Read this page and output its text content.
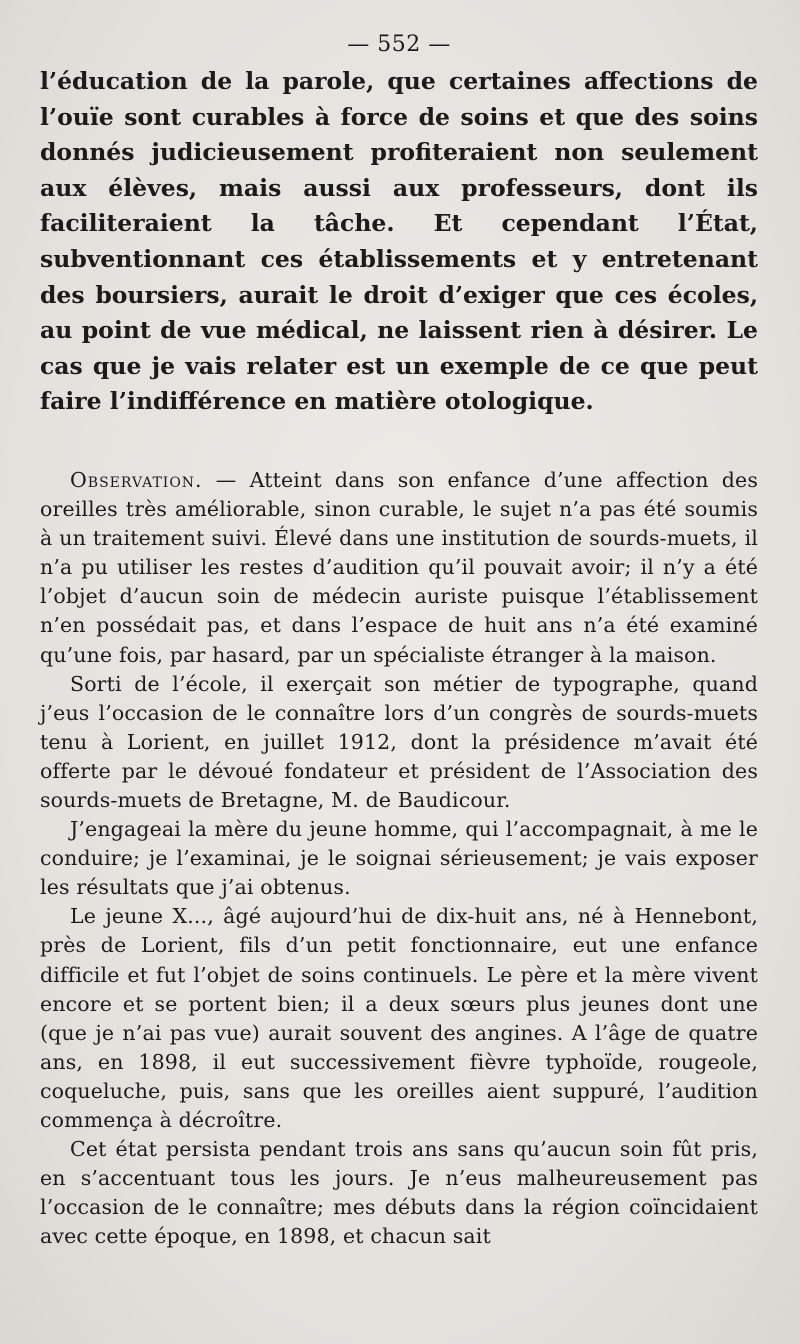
— 552 —

l’éducation de la parole, que certaines affections de l’ouïe sont curables à force de soins et que des soins donnés judicieusement profiteraient non seulement aux élèves, mais aussi aux professeurs, dont ils faciliteraient la tâche. Et cependant l’État, subventionnant ces établissements et y entretenant des boursiers, aurait le droit d’exiger que ces écoles, au point de vue médical, ne laissent rien à désirer. Le cas que je vais relater est un exemple de ce que peut faire l’indifférence en matière otologique.

Observation. — Atteint dans son enfance d’une affection des oreilles très améliorable, sinon curable, le sujet n’a pas été soumis à un traitement suivi. Élevé dans une institution de sourds-muets, il n’a pu utiliser les restes d’audition qu’il pouvait avoir; il n’y a été l’objet d’aucun soin de médecin auriste puisque l’établissement n’en possédait pas, et dans l’espace de huit ans n’a été examiné qu’une fois, par hasard, par un spécialiste étranger à la maison.

Sorti de l’école, il exerçait son métier de typographe, quand j’eus l’occasion de le connaître lors d’un congrès de sourds-muets tenu à Lorient, en juillet 1912, dont la présidence m’avait été offerte par le dévoué fondateur et président de l’Association des sourds-muets de Bretagne, M. de Baudicour.

J’engageai la mère du jeune homme, qui l’accompagnait, à me le conduire; je l’examinai, je le soignai sérieusement; je vais exposer les résultats que j’ai obtenus.

Le jeune X..., âgé aujourd’hui de dix-huit ans, né à Hennebont, près de Lorient, fils d’un petit fonctionnaire, eut une enfance difficile et fut l’objet de soins continuels. Le père et la mère vivent encore et se portent bien; il a deux sœurs plus jeunes dont une (que je n’ai pas vue) aurait souvent des angines. A l’âge de quatre ans, en 1898, il eut successivement fièvre typhoïde, rougeole, coqueluche, puis, sans que les oreilles aient suppuré, l’audition commença à décroître.

Cet état persista pendant trois ans sans qu’aucun soin fût pris, en s’accentuant tous les jours. Je n’eus malheureusement pas l’occasion de le connaître; mes débuts dans la région coïncidaient avec cette époque, en 1898, et chacun sait
